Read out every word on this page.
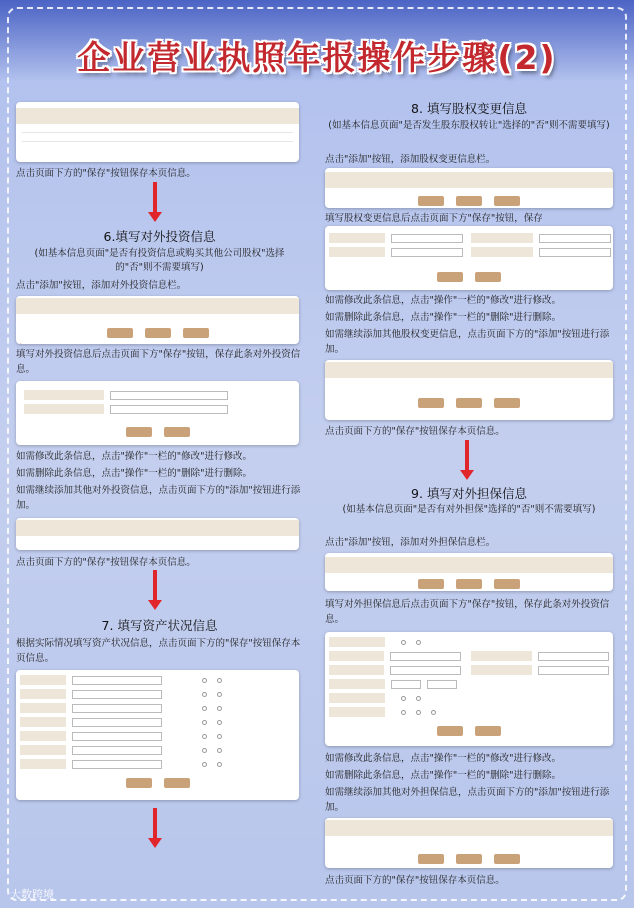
企业营业执照年报操作步骤(2)
点击页面下方的"保存"按钮保存本页信息。
6.填写对外投资信息
(如基本信息页面"是否有投资信息或购买其他公司股权"选择的"否"则不需要填写)
点击"添加"按钮，添加对外投资信息栏。
·
填写对外投资信息后点击页面下方"保存"按钮，保存此条对外投资信息。
如需修改此条信息，点击"操作"一栏的"修改"进行修改。
如需删除此条信息，点击"操作"一栏的"删除"进行删除。
如需继续添加其他对外投资信息，点击页面下方的"添加"按钮进行添加。
点击页面下方的"保存"按钮保存本页信息。
7. 填写资产状况信息
根据实际情况填写资产状况信息，点击页面下方的"保存"按钮保存本页信息。
8. 填写股权变更信息
(如基本信息页面"是否发生股东股权转让"选择的"否"则不需要填写)
点击"添加"按钮，添加股权变更信息栏。
填写股权变更信息后点击页面下方"保存"按钮，保存
如需修改此条信息，点击"操作"一栏的"修改"进行修改。
如需删除此条信息，点击"操作"一栏的"删除"进行删除。
如需继续添加其他股权变更信息，点击页面下方的"添加"按钮进行添加。
点击页面下方的"保存"按钮保存本页信息。
9. 填写对外担保信息
(如基本信息页面"是否有对外担保"选择的"否"则不需要填写)
点击"添加"按钮，添加对外担保信息栏。
填写对外担保信息后点击页面下方"保存"按钮，保存此条对外投资信息。
如需修改此条信息，点击"操作"一栏的"修改"进行修改。
如需删除此条信息，点击"操作"一栏的"删除"进行删除。
如需继续添加其他对外担保信息，点击页面下方的"添加"按钮进行添加。
点击页面下方的"保存"按钮保存本页信息。
大数跨境
